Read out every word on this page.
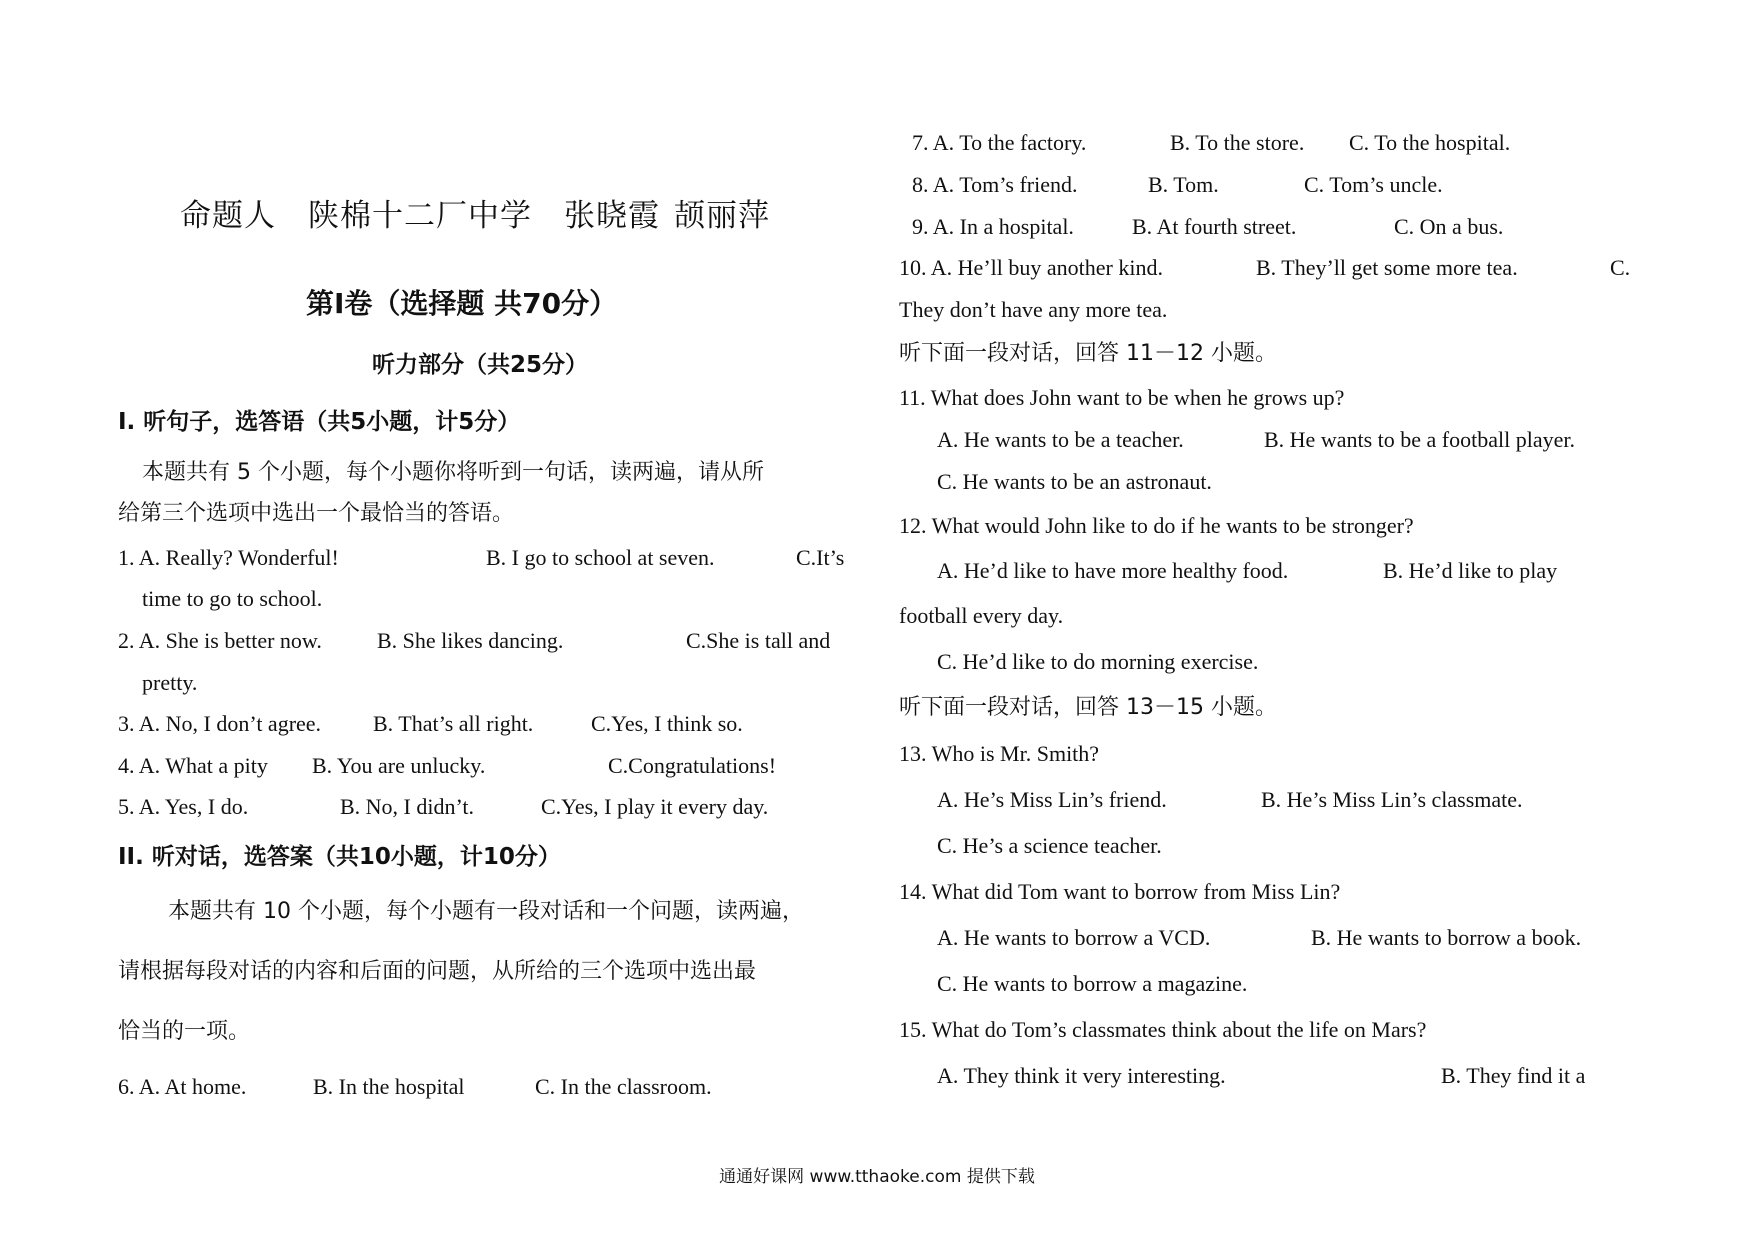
命题人 陕棉十二厂中学 张晓霞 颉丽萍
第Ⅰ卷（选择题 共70分）
听力部分（共25分）
I. 听句子，选答语（共5小题，计5分）
本题共有 5 个小题，每个小题你将听到一句话，读两遍，请从所
给第三个选项中选出一个最恰当的答语。
1. A. Really? Wonderful!	B. I go to school at seven.	C.It’s
time to go to school.
2. A. She is better now.	B. She likes dancing.	C.She is tall and
pretty.
3. A. No, I don’t agree. B. That’s all right.	C.Yes, I think so.
4. A. What a pity B. You are unlucky.	C.Congratulations!
5. A. Yes, I do.	B. No, I didn’t.	C.Yes, I play it every day.
II. 听对话，选答案（共10小题，计10分）
本题共有 10 个小题，每个小题有一段对话和一个问题，读两遍，
请根据每段对话的内容和后面的问题，从所给的三个选项中选出最
恰当的一项。
6. A. At home.	B. In the hospital	C. In the classroom.
7. A. To the factory.	B. To the store. C. To the hospital.
8. A. Tom’s friend.	B. Tom.	C. Tom’s uncle.
9. A. In a hospital.	B. At fourth street.	C. On a bus.
10. A. He’ll buy another kind.	B. They’ll get some more tea.	C.
They don’t have any more tea.
听下面一段对话，回答 11－12 小题。
11. What does John want to be when he grows up?
A. He wants to be a teacher.	B. He wants to be a football player.
C. He wants to be an astronaut.
12. What would John like to do if he wants to be stronger?
A. He’d like to have more healthy food.	B. He’d like to play
football every day.
C. He’d like to do morning exercise.
听下面一段对话，回答 13－15 小题。
13. Who is Mr. Smith?
A. He’s Miss Lin’s friend.	B. He’s Miss Lin’s classmate.
C. He’s a science teacher.
14. What did Tom want to borrow from Miss Lin?
A. He wants to borrow a VCD.	B. He wants to borrow a book.
C. He wants to borrow a magazine.
15. What do Tom’s classmates think about the life on Mars?
A. They think it very interesting.	B. They find it a
通通好课网 www.tthaoke.com 提供下载
